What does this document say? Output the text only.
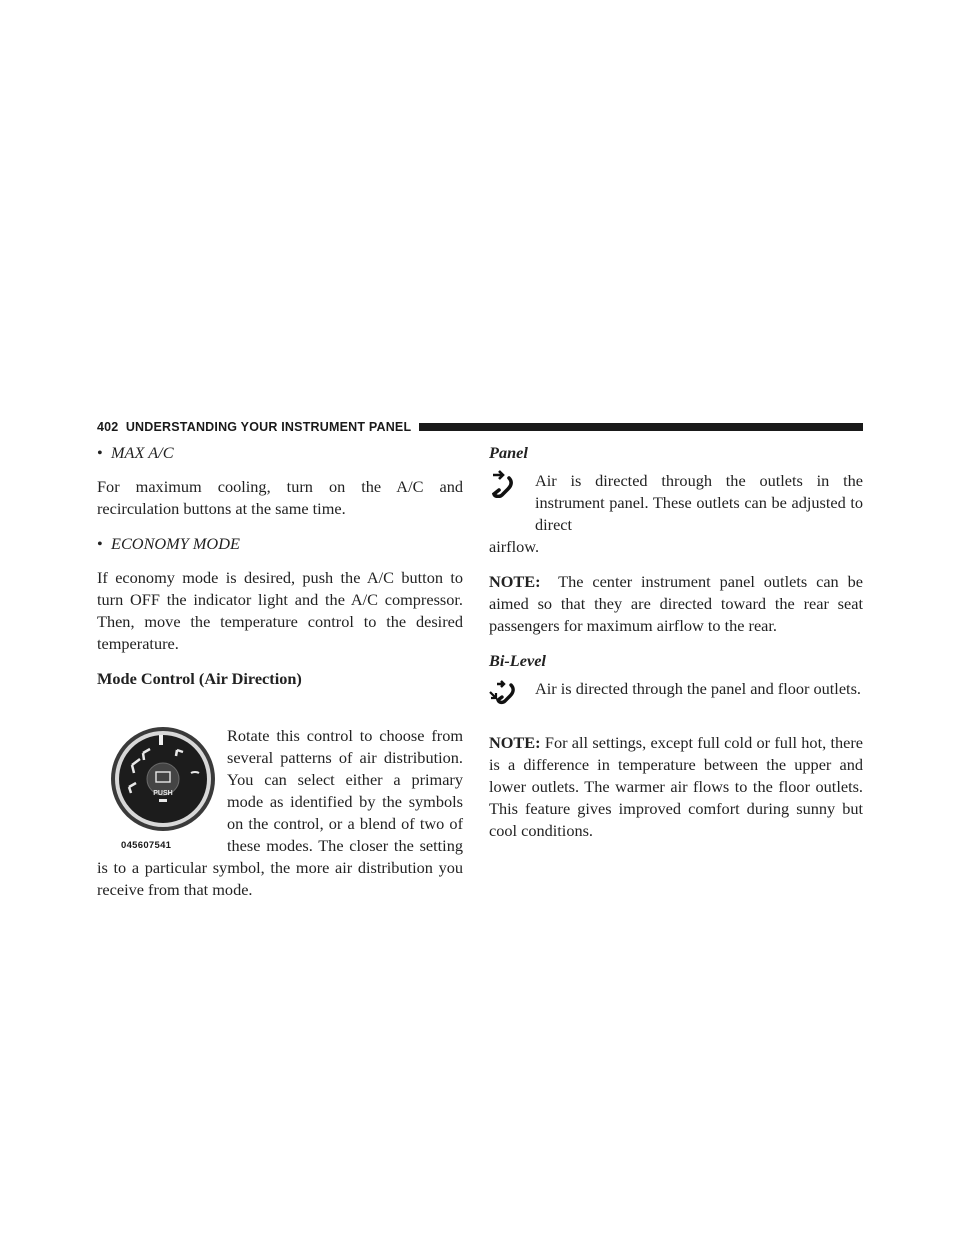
402 UNDERSTANDING YOUR INSTRUMENT PANEL

• MAX A/C

For maximum cooling, turn on the A/C and recirculation buttons at the same time.

• ECONOMY MODE

If economy mode is desired, push the A/C button to turn OFF the indicator light and the A/C compressor. Then, move the temperature control to the desired temperature.

Mode Control (Air Direction)

PUSH
045607541

Rotate this control to choose from several patterns of air distribution. You can select either a primary mode as identified by the symbols on the control, or a blend of two of these modes. The closer the setting is to a particular symbol, the more air distribution you receive from that mode.

Panel

Air is directed through the outlets in the instrument panel. These outlets can be adjusted to direct

airflow.

NOTE: The center instrument panel outlets can be aimed so that they are directed toward the rear seat passengers for maximum airflow to the rear.

Bi-Level

Air is directed through the panel and floor outlets.

NOTE: For all settings, except full cold or full hot, there is a difference in temperature between the upper and lower outlets. The warmer air flows to the floor outlets. This feature gives improved comfort during sunny but cool conditions.
